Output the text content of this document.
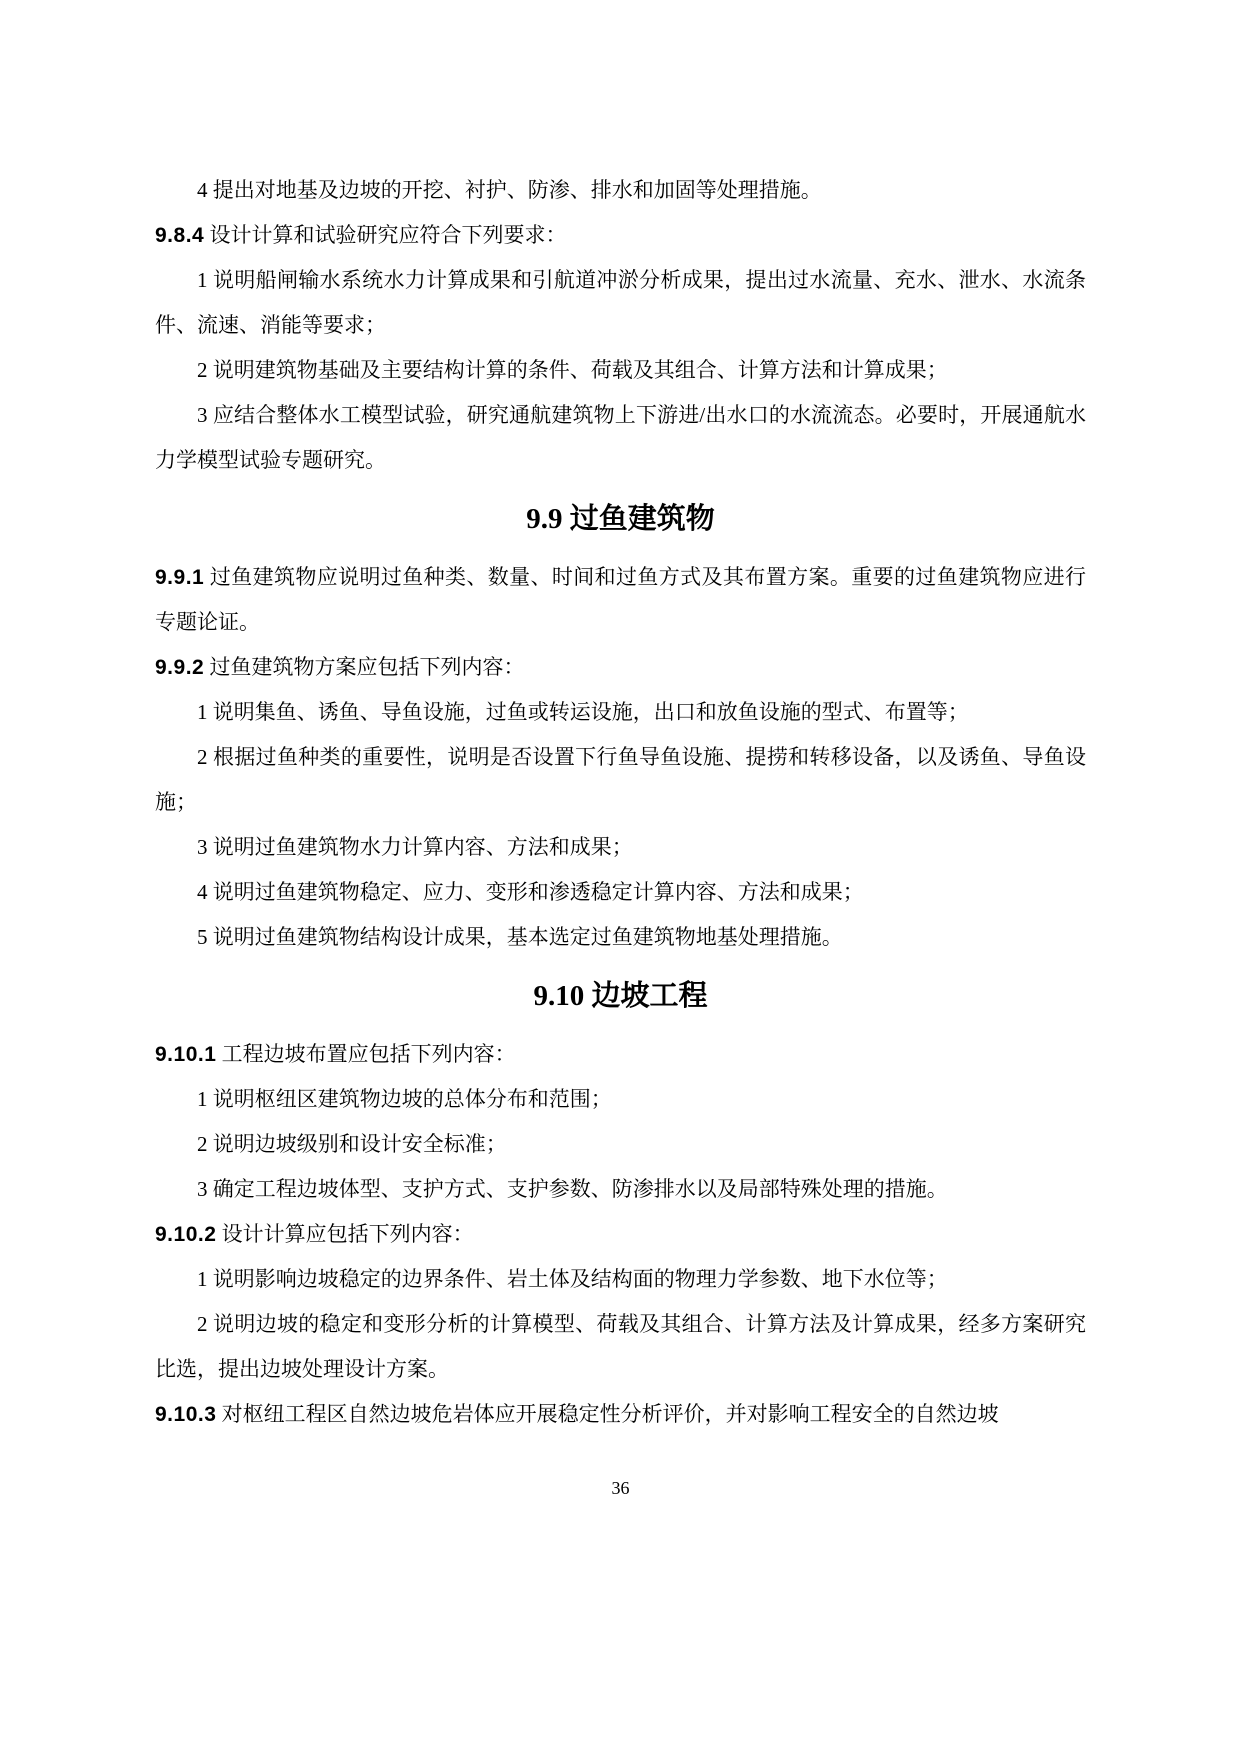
4 提出对地基及边坡的开挖、衬护、防渗、排水和加固等处理措施。

9.8.4 设计计算和试验研究应符合下列要求：

1 说明船闸输水系统水力计算成果和引航道冲淤分析成果，提出过水流量、充水、泄水、水流条件、流速、消能等要求；

2 说明建筑物基础及主要结构计算的条件、荷载及其组合、计算方法和计算成果；

3 应结合整体水工模型试验，研究通航建筑物上下游进/出水口的水流流态。必要时，开展通航水力学模型试验专题研究。

9.9 过鱼建筑物

9.9.1 过鱼建筑物应说明过鱼种类、数量、时间和过鱼方式及其布置方案。重要的过鱼建筑物应进行专题论证。

9.9.2 过鱼建筑物方案应包括下列内容：

1 说明集鱼、诱鱼、导鱼设施，过鱼或转运设施，出口和放鱼设施的型式、布置等；

2 根据过鱼种类的重要性，说明是否设置下行鱼导鱼设施、提捞和转移设备，以及诱鱼、导鱼设施；

3 说明过鱼建筑物水力计算内容、方法和成果；

4 说明过鱼建筑物稳定、应力、变形和渗透稳定计算内容、方法和成果；

5 说明过鱼建筑物结构设计成果，基本选定过鱼建筑物地基处理措施。

9.10 边坡工程

9.10.1 工程边坡布置应包括下列内容：

1 说明枢纽区建筑物边坡的总体分布和范围；

2 说明边坡级别和设计安全标准；

3 确定工程边坡体型、支护方式、支护参数、防渗排水以及局部特殊处理的措施。

9.10.2 设计计算应包括下列内容：

1 说明影响边坡稳定的边界条件、岩土体及结构面的物理力学参数、地下水位等；

2 说明边坡的稳定和变形分析的计算模型、荷载及其组合、计算方法及计算成果，经多方案研究比选，提出边坡处理设计方案。

9.10.3 对枢纽工程区自然边坡危岩体应开展稳定性分析评价，并对影响工程安全的自然边坡

36
